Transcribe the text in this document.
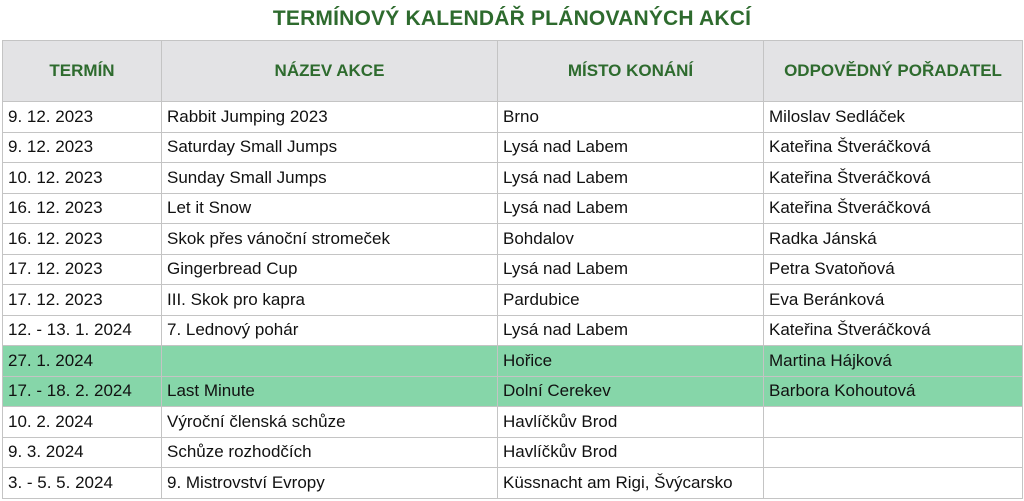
TERMÍNOVÝ KALENDÁŘ PLÁNOVANÝCH AKCÍ
TERMÍN	NÁZEV AKCE	MÍSTO KONÁNÍ	ODPOVĚDNÝ POŘADATEL
9. 12. 2023	Rabbit Jumping 2023	Brno	Miloslav Sedláček
9. 12. 2023	Saturday Small Jumps	Lysá nad Labem	Kateřina Štveráčková
10. 12. 2023	Sunday Small Jumps	Lysá nad Labem	Kateřina Štveráčková
16. 12. 2023	Let it Snow	Lysá nad Labem	Kateřina Štveráčková
16. 12. 2023	Skok přes vánoční stromeček	Bohdalov	Radka Jánská
17. 12. 2023	Gingerbread Cup	Lysá nad Labem	Petra Svatoňová
17. 12. 2023	III. Skok pro kapra	Pardubice	Eva Beránková
12. - 13. 1. 2024	7. Lednový pohár	Lysá nad Labem	Kateřina Štveráčková
27. 1. 2024		Hořice	Martina Hájková
17. - 18. 2. 2024	Last Minute	Dolní Cerekev	Barbora Kohoutová
10. 2. 2024	Výroční členská schůze	Havlíčkův Brod	
9. 3. 2024	Schůze rozhodčích	Havlíčkův Brod	
3. - 5. 5. 2024	9. Mistrovství Evropy	Küssnacht am Rigi, Švýcarsko	
